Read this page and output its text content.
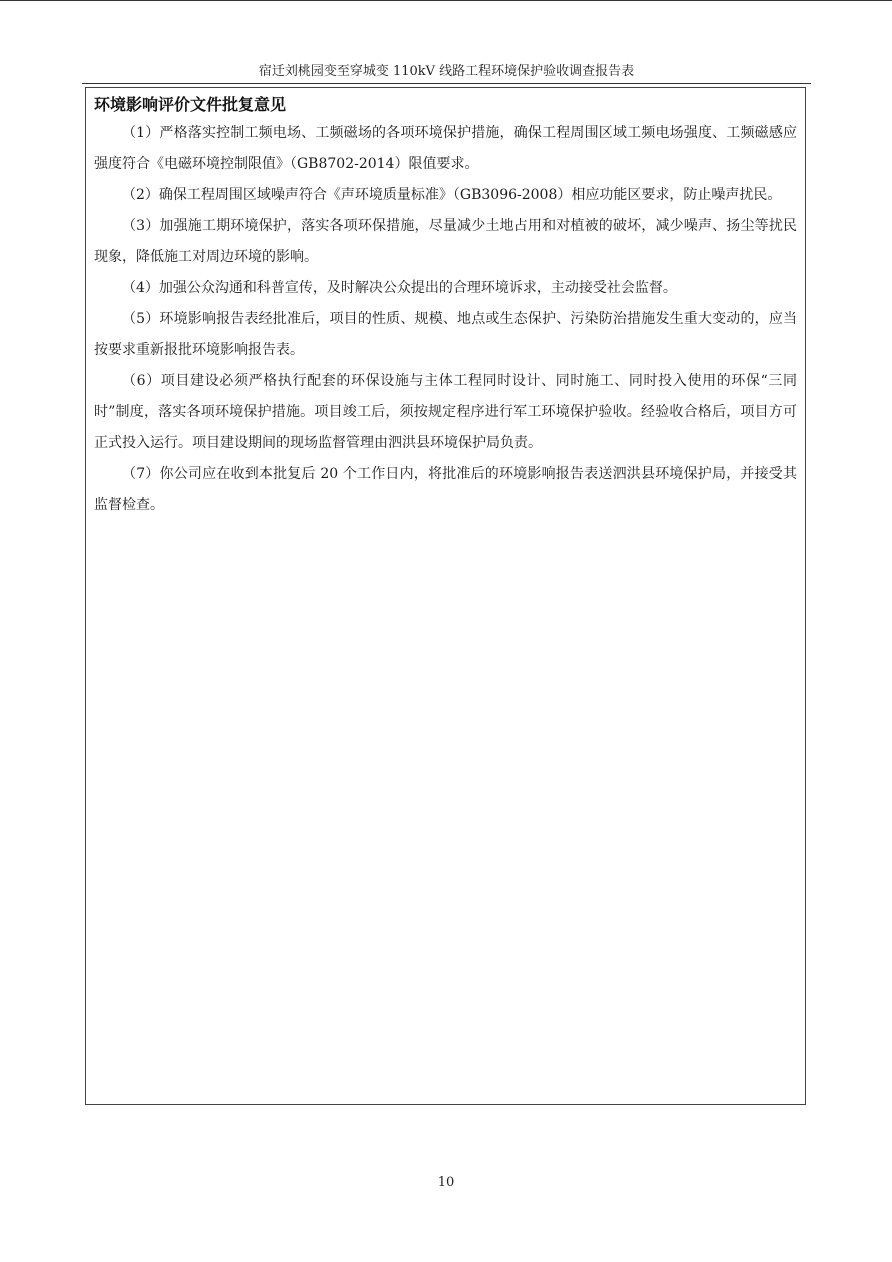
宿迁刘桃园变至穿城变 110kV 线路工程环境保护验收调查报告表
环境影响评价文件批复意见

（1）严格落实控制工频电场、工频磁场的各项环境保护措施，确保工程周围区域工频电场强度、工频磁感应强度符合《电磁环境控制限值》（GB8702-2014）限值要求。

（2）确保工程周围区域噪声符合《声环境质量标准》（GB3096-2008）相应功能区要求，防止噪声扰民。

（3）加强施工期环境保护，落实各项环保措施，尽量减少土地占用和对植被的破坏，减少噪声、扬尘等扰民现象，降低施工对周边环境的影响。

（4）加强公众沟通和科普宣传，及时解决公众提出的合理环境诉求，主动接受社会监督。

（5）环境影响报告表经批准后，项目的性质、规模、地点或生态保护、污染防治措施发生重大变动的，应当按要求重新报批环境影响报告表。

（6）项目建设必须严格执行配套的环保设施与主体工程同时设计、同时施工、同时投入使用的环保“三同时”制度，落实各项环境保护措施。项目竣工后，须按规定程序进行军工环境保护验收。经验收合格后，项目方可正式投入运行。项目建设期间的现场监督管理由泗洪县环境保护局负责。

（7）你公司应在收到本批复后 20 个工作日内，将批准后的环境影响报告表送泗洪县环境保护局，并接受其监督检查。

10
